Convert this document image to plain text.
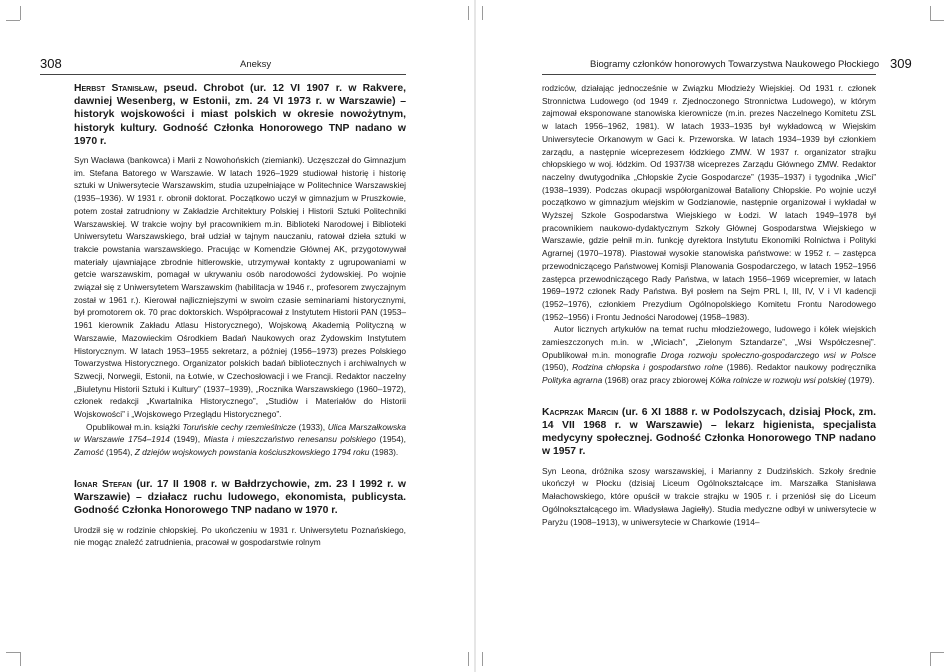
308	Aneksy

Herbst Stanisław, pseud. Chrobot (ur. 12 VI 1907 r. w Rakvere, dawniej Wesenberg, w Estonii, zm. 24 VI 1973 r. w Warszawie) – historyk wojskowości i miast polskich w okresie nowożytnym, historyk kultury. Godność Członka Honorowego TNP nadano w 1970 r.

Syn Wacława (bankowca) i Marii z Nowohońskich (ziemianki). Uczęszczał do Gimnazjum im. Stefana Batorego w Warszawie. W latach 1926–1929 studiował historię i historię sztuki w Uniwersytecie Warszawskim, studia uzupełniające w Politechnice Warszawskiej (1935–1936). W 1931 r. obronił doktorat. Początkowo uczył w gimnazjum w Pruszkowie, potem został zatrudniony w Zakładzie Architektury Polskiej i Historii Sztuki Politechniki Warszawskiej. W trakcie wojny był pracownikiem m.in. Biblioteki Narodowej i Biblioteki Uniwersytetu Warszawskiego, brał udział w tajnym nauczaniu, ratował dzieła sztuki w trakcie powstania warszawskiego. Pracując w Komendzie Głównej AK, przygotowywał materiały ujawniające zbrodnie hitlerowskie, utrzymywał kontakty z ugrupowaniami w getcie warszawskim, pomagał w ukrywaniu osób narodowości żydowskiej. Po wojnie związał się z Uniwersytetem Warszawskim (habilitacja w 1946 r., profesorem zwyczajnym został w 1961 r.). Kierował najliczniejszymi w swoim czasie seminariami historycznymi, był promotorem ok. 70 prac doktorskich. Współpracował z Instytutem Historii PAN (1953–1961 kierownik Zakładu Atlasu Historycznego), Wojskową Akademią Polityczną w Warszawie, Mazowieckim Ośrodkiem Badań Naukowych oraz Żydowskim Instytutem Historycznym. W latach 1953–1955 sekretarz, a później (1956–1973) prezes Polskiego Towarzystwa Historycznego. Organizator polskich badań bibliotecznych i archiwalnych w Szwecji, Norwegii, Estonii, na Łotwie, w Czechosłowacji i we Francji. Redaktor naczelny „Biuletynu Historii Sztuki i Kultury” (1937–1939), „Rocznika Warszawskiego (1960–1972), członek redakcji „Kwartalnika Historycznego”, „Studiów i Materiałów do Historii Wojskowości” i „Wojskowego Przeglądu Historycznego”.

Opublikował m.in. książki Toruńskie cechy rzemieślnicze (1933), Ulica Marszałkowska w Warszawie 1754–1914 (1949), Miasta i mieszczaństwo renesansu polskiego (1954), Zamość (1954), Z dziejów wojskowych powstania kościuszkowskiego 1794 roku (1983).

Ignar Stefan (ur. 17 II 1908 r. w Bałdrzychowie, zm. 23 I 1992 r. w Warszawie) – działacz ruchu ludowego, ekonomista, publicysta. Godność Członka Honorowego TNP nadano w 1970 r.

Urodził się w rodzinie chłopskiej. Po ukończeniu w 1931 r. Uniwersytetu Poznańskiego, nie mogąc znaleźć zatrudnienia, pracował w gospodarstwie rolnym

Biogramy członków honorowych Towarzystwa Naukowego Płockiego 309

rodziców, działając jednocześnie w Związku Młodzieży Wiejskiej. Od 1931 r. członek Stronnictwa Ludowego (od 1949 r. Zjednoczonego Stronnictwa Ludowego), w którym zajmował eksponowane stanowiska kierownicze (m.in. prezes Naczelnego Komitetu ZSL w latach 1956–1962, 1981). W latach 1933–1935 był wykładowcą w Wiejskim Uniwersytecie Orkanowym w Gaci k. Przeworska. W latach 1934–1939 był członkiem zarządu, a następnie wiceprezesem łódzkiego ZMW. W 1937 r. organizator strajku chłopskiego w woj. łódzkim. Od 1937/38 wiceprezes Zarządu Głównego ZMW. Redaktor naczelny dwutygodnika „Chłopskie Życie Gospodarcze” (1935–1937) i tygodnika „Wici” (1938–1939). Podczas okupacji współorganizował Bataliony Chłopskie. Po wojnie uczył początkowo w gimnazjum wiejskim w Godzianowie, następnie organizował i wykładał w Wyższej Szkole Gospodarstwa Wiejskiego w Łodzi. W latach 1949–1978 był pracownikiem naukowo-dydaktycznym Szkoły Głównej Gospodarstwa Wiejskiego w Warszawie, gdzie pełnił m.in. funkcję dyrektora Instytutu Ekonomiki Rolnictwa i Polityki Agrarnej (1970–1978). Piastował wysokie stanowiska państwowe: w 1952 r. – zastępca przewodniczącego Państwowej Komisji Planowania Gospodarczego, w latach 1952–1956 zastępca przewodniczącego Rady Państwa, w latach 1956–1969 wicepremier, w latach 1969–1972 członek Rady Państwa. Był posłem na Sejm PRL I, III, IV, V i VI kadencji (1952–1976), członkiem Prezydium Ogólnopolskiego Komitetu Frontu Narodowego (1952–1956) i Frontu Jedności Narodowej (1958–1983).

Autor licznych artykułów na temat ruchu młodzieżowego, ludowego i kółek wiejskich zamieszczonych m.in. w „Wiciach”, „Zielonym Sztandarze”, „Wsi Współczesnej”. Opublikował m.in. monografie Droga rozwoju społeczno-gospodarczego wsi w Polsce (1950), Rodzina chłopska i gospodarstwo rolne (1986). Redaktor naukowy podręcznika Polityka agrarna (1968) oraz pracy zbiorowej Kółka rolnicze w rozwoju wsi polskiej (1979).

Kacprzak Marcin (ur. 6 XI 1888 r. w Podolszycach, dzisiaj Płock, zm. 14 VII 1968 r. w Warszawie) – lekarz higienista, specjalista medycyny społecznej. Godność Członka Honorowego TNP nadano w 1957 r.

Syn Leona, dróżnika szosy warszawskiej, i Marianny z Dudzińskich. Szkoły średnie ukończył w Płocku (dzisiaj Liceum Ogólnokształcące im. Marszałka Stanisława Małachowskiego, które opuścił w trakcie strajku w 1905 r. i przeniósł się do Liceum Ogólnokształcącego im. Władysława Jagiełły). Studia medyczne odbył w uniwersytecie w Paryżu (1908–1913), w uniwersytecie w Charkowie (1914–
